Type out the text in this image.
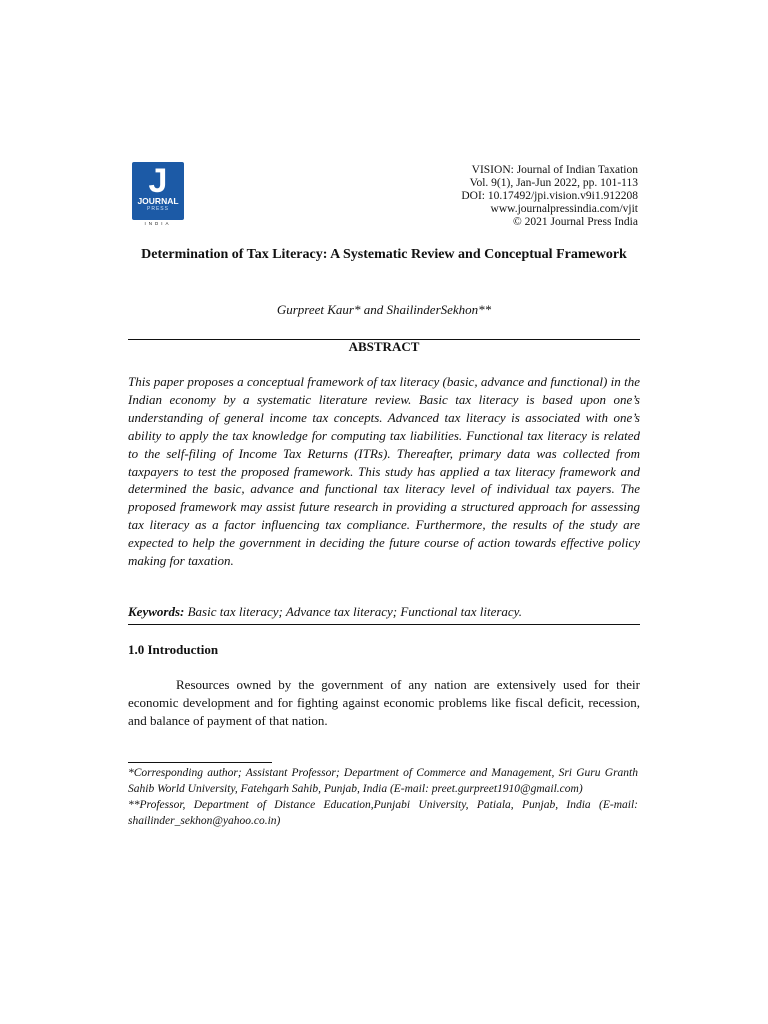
J
JOURNAL
PRESS
INDIA
VISION: Journal of Indian Taxation
Vol. 9(1), Jan-Jun 2022, pp. 101-113
DOI: 10.17492/jpi.vision.v9i1.912208
www.journalpressindia.com/vjit
© 2021 Journal Press India
Determination of Tax Literacy: A Systematic Review and Conceptual Framework
Gurpreet Kaur* and ShailinderSekhon**
ABSTRACT
This paper proposes a conceptual framework of tax literacy (basic, advance and functional) in the Indian economy by a systematic literature review. Basic tax literacy is based upon one’s understanding of general income tax concepts. Advanced tax literacy is associated with one’s ability to apply the tax knowledge for computing tax liabilities. Functional tax literacy is related to the self-filing of Income Tax Returns (ITRs). Thereafter, primary data was collected from taxpayers to test the proposed framework. This study has applied a tax literacy framework and determined the basic, advance and functional tax literacy level of individual tax payers. The proposed framework may assist future research in providing a structured approach for assessing tax literacy as a factor influencing tax compliance. Furthermore, the results of the study are expected to help the government in deciding the future course of action towards effective policy making for taxation.
Keywords: Basic tax literacy; Advance tax literacy; Functional tax literacy.
1.0 Introduction
Resources owned by the government of any nation are extensively used for their economic development and for fighting against economic problems like fiscal deficit, recession, and balance of payment of that nation.

*Corresponding author; Assistant Professor; Department of Commerce and Management, Sri Guru Granth Sahib World University, Fatehgarh Sahib, Punjab, India (E-mail: preet.gurpreet1910@gmail.com)

**Professor, Department of Distance Education,Punjabi University, Patiala, Punjab, India (E-mail: shailinder_sekhon@yahoo.co.in)
